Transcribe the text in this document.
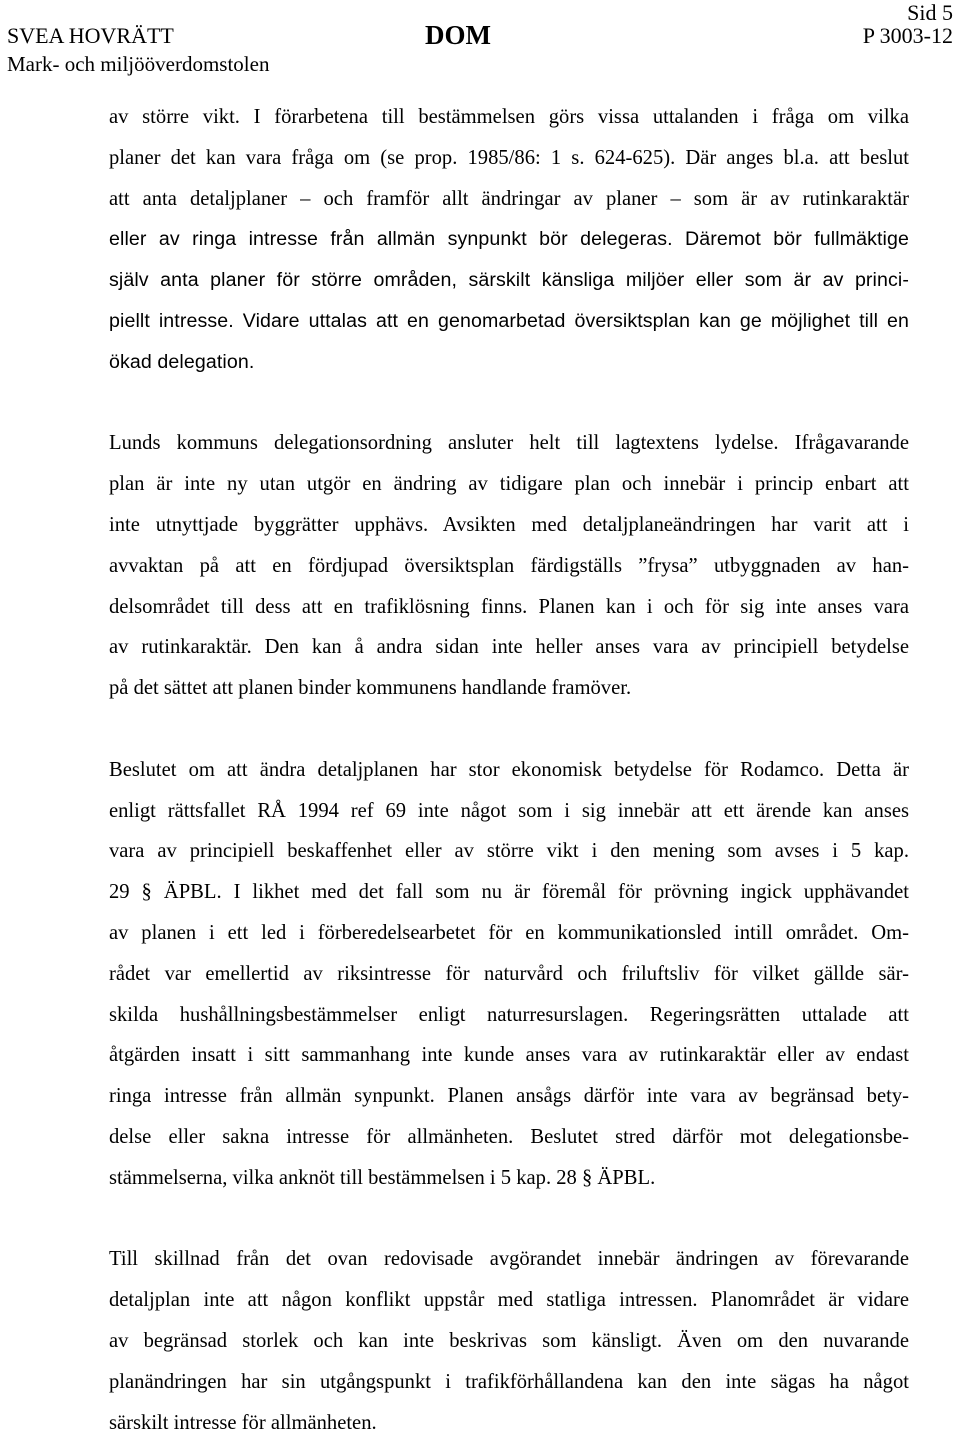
SVEA HOVRÄTT
Mark- och miljööverdomstolen
DOM
Sid 5
P 3003-12
av större vikt. I förarbetena till bestämmelsen görs vissa uttalanden i fråga om vilka
planer det kan vara fråga om (se prop. 1985/86: 1 s. 624-625). Där anges bl.a. att beslut
att anta detaljplaner – och framför allt ändringar av planer – som är av rutinkaraktär
eller av ringa intresse från allmän synpunkt bör delegeras. Däremot bör fullmäktige
själv anta planer för större områden, särskilt känsliga miljöer eller som är av princi-
piellt intresse. Vidare uttalas att en genomarbetad översiktsplan kan ge möjlighet till en
ökad delegation.
Lunds kommuns delegationsordning ansluter helt till lagtextens lydelse. Ifrågavarande
plan är inte ny utan utgör en ändring av tidigare plan och innebär i princip enbart att
inte utnyttjade byggrätter upphävs. Avsikten med detaljplaneändringen har varit att i
avvaktan på att en fördjupad översiktsplan färdigställs ”frysa” utbyggnaden av han-
delsområdet till dess att en trafiklösning finns. Planen kan i och för sig inte anses vara
av rutinkaraktär. Den kan å andra sidan inte heller anses vara av principiell betydelse
på det sättet att planen binder kommunens handlande framöver.
Beslutet om att ändra detaljplanen har stor ekonomisk betydelse för Rodamco. Detta är
enligt rättsfallet RÅ 1994 ref 69 inte något som i sig innebär att ett ärende kan anses
vara av principiell beskaffenhet eller av större vikt i den mening som avses i 5 kap.
29 § ÄPBL. I likhet med det fall som nu är föremål för prövning ingick upphävandet
av planen i ett led i förberedelsearbetet för en kommunikationsled intill området. Om-
rådet var emellertid av riksintresse för naturvård och friluftsliv för vilket gällde sär-
skilda hushållningsbestämmelser enligt naturresurslagen. Regeringsrätten uttalade att
åtgärden insatt i sitt sammanhang inte kunde anses vara av rutinkaraktär eller av endast
ringa intresse från allmän synpunkt. Planen ansågs därför inte vara av begränsad bety-
delse eller sakna intresse för allmänheten. Beslutet stred därför mot delegationsbe-
stämmelserna, vilka anknöt till bestämmelsen i 5 kap. 28 § ÄPBL.
Till skillnad från det ovan redovisade avgörandet innebär ändringen av förevarande
detaljplan inte att någon konflikt uppstår med statliga intressen. Planområdet är vidare
av begränsad storlek och kan inte beskrivas som känsligt. Även om den nuvarande
planändringen har sin utgångspunkt i trafikförhållandena kan den inte sägas ha något
särskilt intresse för allmänheten.
